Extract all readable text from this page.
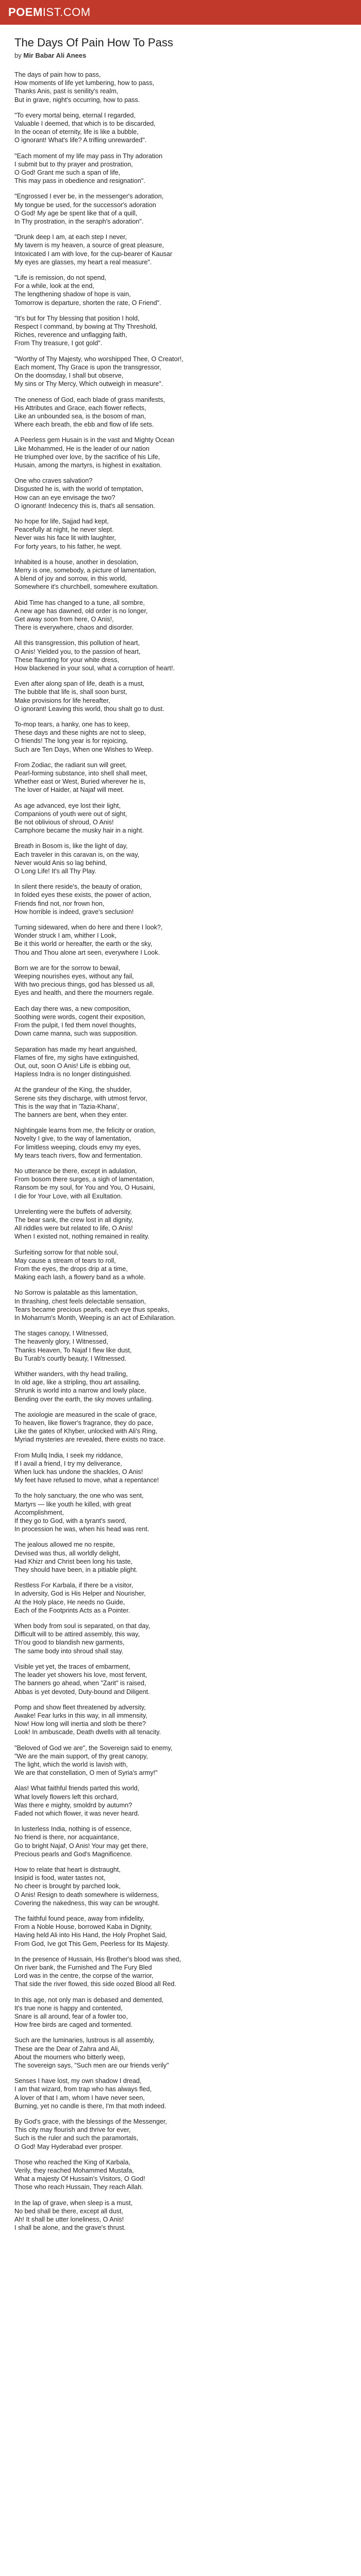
POEMIST.COM
The Days Of Pain How To Pass
by Mir Babar Ali Anees
The days of pain how to pass,
How moments of life yet lumbering, how to pass,
Thanks Anis, past is senility's realm,
But in grave, night's occurring, how to pass.
"To every mortal being, eternal I regarded,
Valuable I deemed, that which is to be discarded,
In the ocean of eternity, life is like a bubble,
O ignorant! What's life? A trifling unrewarded".
"Each moment of my life may pass in Thy adoration
I submit but to thy prayer and prostration,
O God! Grant me such a span of life,
This may pass in obedience and resignation".
"Engrossed I ever be, in the messenger's adoration,
My tongue be used, for the successor's adoration
O God! My age be spent like that of a quill,
In Thy prostration, in the seraph's adoration".
"Drunk deep I am, at each step I never,
My tavern is my heaven, a source of great pleasure,
Intoxicated I am with love, for the cup-bearer of Kausar
My eyes are glasses, my heart a real measure".
"Life is remission, do not spend,
For a while, look at the end,
The lengthening shadow of hope is vain,
Tomorrow is departure, shorten the rate, O Friend".
"It's but for Thy blessing that position I hold,
Respect I command, by bowing at Thy Threshold,
Riches, reverence and unflagging faith,
From Thy treasure, I got gold".
"Worthy of Thy Majesty, who worshipped Thee, O Creator!,
Each moment, Thy Grace is upon the transgressor,
On the doomsday, I shall but observe,
My sins or Thy Mercy, Which outweigh in measure".
The oneness of God, each blade of grass manifests,
His Attributes and Grace, each flower reflects,
Like an unbounded sea, is the bosom of man,
Where each breath, the ebb and flow of life sets.
A Peerless gem Husain is in the vast and Mighty Ocean
Like Mohammed, He is the leader of our nation
He triumphed over love, by the sacrifice of his Life,
Husain, among the martyrs, is highest in exaltation.
One who craves salvation?
Disgusted he is, with the world of temptation,
How can an eye envisage the two?
O ignorant! Indecency this is, that's all sensation.
No hope for life, Sajjad had kept,
Peacefully at night, he never slept.
Never was his face lit with laughter,
For forty years, to his father, he wept.
Inhabited is a house, another in desolation,
Merry is one, somebody, a picture of lamentation,
A blend of joy and sorrow, in this world,
Somewhere it's churchbell, somewhere exultation.
Abid Time has changed to a tune, all sombre,
A new age has dawned, old order is no longer,
Get away soon from here, O Anis!,
There is everywhere, chaos and disorder.
All this transgression, this pollution of heart,
O Anis! Yielded you, to the passion of heart,
These flaunting for your white dress,
How blackened in your soul, what a corruption of heart!.
Even after along span of life, death is a must,
The bubble that life is, shall soon burst,
Make provisions for life hereafter,
O ignorant! Leaving this world, thou shalt go to dust.
To-mop tears, a hanky, one has to keep,
These days and these nights are not to sleep,
O friends! The long year is for rejoicing,
Such are Ten Days, When one Wishes to Weep.
From Zodiac, the radiant sun will greet,
Pearl-forming substance, into shell shall meet,
Whether east or West, Buried wherever he is,
The lover of Haider, at Najaf will meet.
As age advanced, eye lost their light,
Companions of youth were out of sight,
Be not oblivious of shroud, O Anis!
Camphore became the musky hair in a night.
Breath in Bosom is, like the light of day,
Each traveler in this caravan is, on the way,
Never would Anis so lag behind,
O Long Life! It's all Thy Play.
In silent there reside's, the beauty of oration,
In folded eyes these exists, the power of action,
Friends find not, nor frown hon,
How horrible is indeed, grave's seclusion!
Turning sidewared, when do here and there I look?,
Wonder struck I am, whither I Look,
Be it this world or hereafter, the earth or the sky,
Thou and Thou alone art seen, everywhere I Look.
Born we are for the sorrow to bewail,
Weeping nourishes eyes, without any fail,
With two precious things, god has blessed us all,
Eyes and health, and there the mourners regale.
Each day there was, a new composition,
Soothing were words, cogent their exposition,
From the pulpit, I fed them novel thoughts,
Down came manna, such was supposition.
Separation has made my heart anguished,
Flames of fire, my sighs have extinguished,
Out, out, soon O Anis! Life is ebbing out,
Hapless Indra is no longer distinguished.
At the grandeur of the King, the shudder,
Serene sits they discharge, with utmost fervor,
This is the way that in 'Tazia-Khana',
The banners are bent, when they enter.
Nightingale learns from me, the felicity or oration,
Novelty I give, to the way of lamentation,
For limitless weeping, clouds envy my eyes,
My tears teach rivers, flow and fermentation.
No utterance be there, except in adulation,
From bosom there surges, a sigh of lamentation,
Ransom be my soul, for You and You, O Husaini,
I die for Your Love, with all Exultation.
Unrelenting were the buffets of adversity,
The bear sank, the crew lost in all dignity,
All riddles were but related to life, O Anis!
When I existed not, nothing remained in reality.
Surfeiting sorrow for that noble soul,
May cause a stream of tears to roll,
From the eyes, the drops drip at a time,
Making each lash, a flowery band as a whole.
No Sorrow is palatable as this lamentation,
In thrashing, chest feels delectable sensation,
Tears became precious pearls, each eye thus speaks,
In Moharrum's Month, Weeping is an act of Exhilaration.
The stages canopy, I Witnessed,
The heavenly glory, I Witnessed,
Thanks Heaven, To Najaf I flew like dust,
Bu Turab's courtly beauty, I Witnessed.
Whither wanders, with thy head trailing,
In old age, like a stripling, thou art assailing,
Shrunk is world into a narrow and lowly place,
Bending over the earth, the sky moves unfailing.
The axiologie are measured in the scale of grace,
To heaven, like flower's fragrance, they do pace,
Like the gates of Khyber, unlocked with Ali's Ring,
Myriad mysteries are revealed, there exists no trace.
From Mullq India, I seek my riddance,
If I avail a friend, I try my deliverance,
When luck has undone the shackles, O Anis!
My feet have refused to move, what a repentance!
To the holy sanctuary, the one who was sent,
Martyrs — like youth he killed, with great
Accomplishment,
If they go to God, with a tyrant's sword,
In procession he was, when his head was rent.
The jealous allowed me no respite,
Devised was thus, all worldly delight,
Had Khizr and Christ been long his taste,
They should have been, in a pitiable plight.
Restless For Karbala, if there be a visitor,
In adversity, God is His Helper and Nourisher,
At the Holy place, He needs no Guide,
Each of the Footprints Acts as a Pointer.
When body from soul is separated, on that day,
Difficult will to be attired assembly, this way,
Th'ou good to blandish new garments,
The same body into shroud shall stay.
Visible yet yet, the traces of embarment,
The leader yet showers his love, most fervent,
The banners go ahead, when "Zarit" is raised,
Abbas is yet devoted, Duty-bound and Diligent.
Pomp and show fleet threatened by adversity,
Awake! Fear lurks in this way, in all immensity,
Now! How long will inertia and sloth be there?
Look! In ambuscade, Death dwells with all tenacity.
"Beloved of God we are", the Sovereign said to enemy,
"We are the main support, of thy great canopy,
The light, which the world is lavish with,
We are that constellation, O men of Syria's army!"
Alas! What faithful friends parted this world,
What lovely flowers left this orchard,
Was there e mighty, smoldrd by autumn?
Faded not which flower, it was never heard.
In lusterless India, nothing is of essence,
No friend is there, nor acquaintance,
Go to bright Najaf, O Anis! Your may get there,
Precious pearls and God's Magnificence.
How to relate that heart is distraught,
Insipid is food, water tastes not,
No cheer is brought by parched look,
O Anis! Resign to death somewhere is wilderness,
Covering the nakedness, this way can be wrought.
The faithful found peace, away from infidelity,
From a Noble House, borrowed Kaba in Dignity,
Having held Ali into His Hand, the Holy Prophet Said,
From God, Ive got This Gem, Peerless for Its Majesty.
In the presence of Hussain, His Brother's blood was shed,
On river bank, the Furnished and The Fury Bled
Lord was in the centre, the corpse of the warrior,
That side the river flowed, this side oozed Blood all Red.
In this age, not only man is debased and demented,
It's true none is happy and contented,
Snare is all around, fear of a fowler too,
How free birds are caged and tormented.
Such are the luminaries, lustrous is all assembly,
These are the Dear of Zahra and Ali,
About the mourners who bitterly weep,
The sovereign says, "Such men are our friends verily"
Senses I have lost, my own shadow I dread,
I am that wizard, from trap who has always fled,
A lover of that I am, whom I have never seen,
Burning, yet no candle is there, I'm that moth indeed.
By God's grace, with the blessings of the Messenger,
This city may flourish and thrive for ever,
Such is the ruler and such the paramortals,
O God! May Hyderabad ever prosper.
Those who reached the King of Karbala,
Verily, they reached Mohammed Mustafa,
What a majesty Of Hussain's Visitors, O God!
Those who reach Hussain, They reach Allah.
In the lap of grave, when sleep is a must,
No bed shall be there, except all dust,
Ah! It shall be utter loneliness, O Anis!
I shall be alone, and the grave's thrust.
